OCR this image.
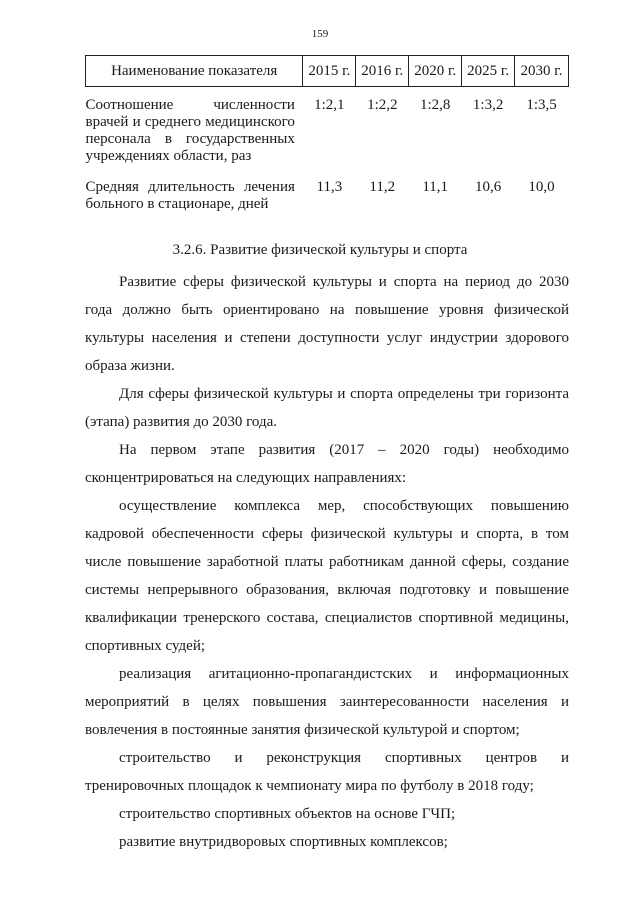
159
Наименование показателя	2015 г.	2016 г.	2020 г.	2025 г.	2030 г.
Соотношение численности врачей и среднего медицинского персонала в государственных учреждениях области, раз	1:2,1	1:2,2	1:2,8	1:3,2	1:3,5
Средняя длительность лечения больного в стационаре, дней	11,3	11,2	11,1	10,6	10,0
3.2.6. Развитие физической культуры и спорта

Развитие сферы физической культуры и спорта на период до 2030 года должно быть ориентировано на повышение уровня физической культуры населения и степени доступности услуг индустрии здорового образа жизни.

Для сферы физической культуры и спорта определены три горизонта (этапа) развития до 2030 года.

На первом этапе развития (2017 – 2020 годы) необходимо сконцентрироваться на следующих направлениях:

осуществление комплекса мер, способствующих повышению кадровой обеспеченности сферы физической культуры и спорта, в том числе повышение заработной платы работникам данной сферы, создание системы непрерывного образования, включая подготовку и повышение квалификации тренерского состава, специалистов спортивной медицины, спортивных судей;

реализация агитационно-пропагандистских и информационных мероприятий в целях повышения заинтересованности населения и вовлечения в постоянные занятия физической культурой и спортом;

строительство и реконструкция спортивных центров и тренировочных площадок к чемпионату мира по футболу в 2018 году;

строительство спортивных объектов на основе ГЧП;

развитие внутридворовых спортивных комплексов;
